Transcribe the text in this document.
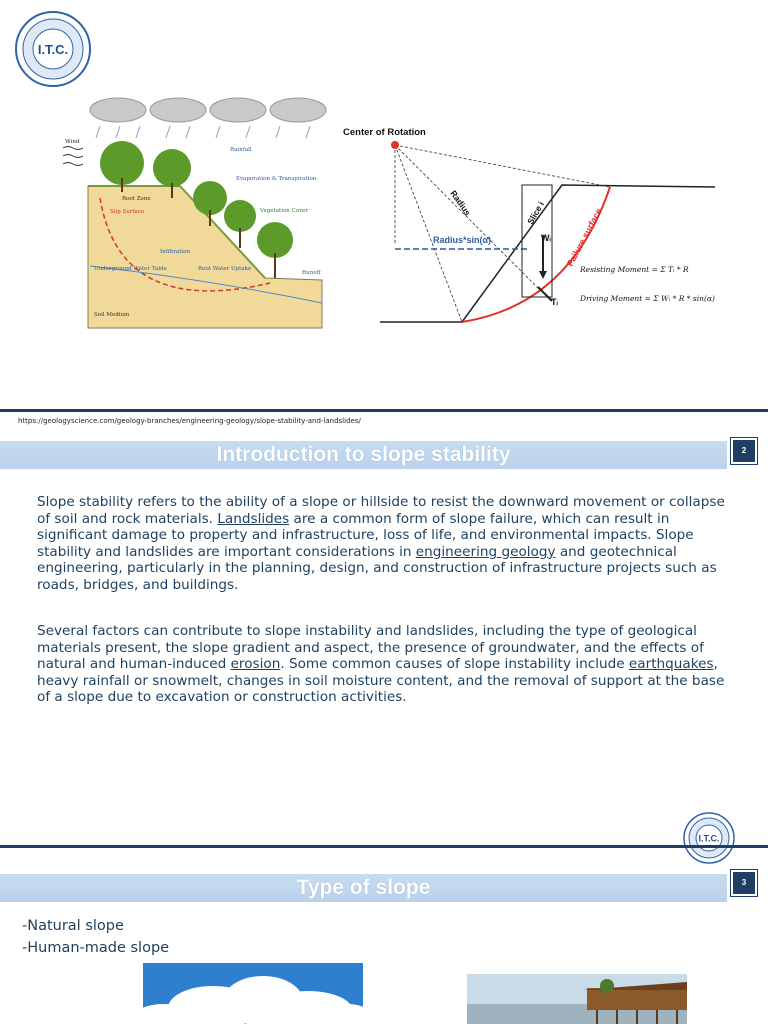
I.T.C.
Wind
Rainfall
Evaporation & Transpiration
Root Zone
Vegetation Cover
Slip Surface
Infiltration
Root Water Uptake
Underground Water Table
Runoff
Soil Medium
Center of Rotation
Radius
Radius*sin(α)
Slice i
Wᵢ
Tᵢ
Failure surface
Resisting Moment = Σ Tᵢ * R
Driving Moment = Σ Wᵢ * R * sin(α)
https://geologyscience.com/geology-branches/engineering-geology/slope-stability-and-landslides/
Introduction to slope stability	2
Slope stability refers to the ability of a slope or hillside to resist the downward movement or collapse of soil and rock materials. Landslides are a common form of slope failure, which can result in significant damage to property and infrastructure, loss of life, and environmental impacts. Slope stability and landslides are important considerations in engineering geology and geotechnical engineering, particularly in the planning, design, and construction of infrastructure projects such as roads, bridges, and buildings.
Several factors can contribute to slope instability and landslides, including the type of geological materials present, the slope gradient and aspect, the presence of groundwater, and the effects of natural and human-induced erosion. Some common causes of slope instability include earthquakes, heavy rainfall or snowmelt, changes in soil moisture content, and the removal of support at the base of a slope due to excavation or construction activities.
I.T.C.
Type of slope	3
-Natural slope
-Human-made slope
